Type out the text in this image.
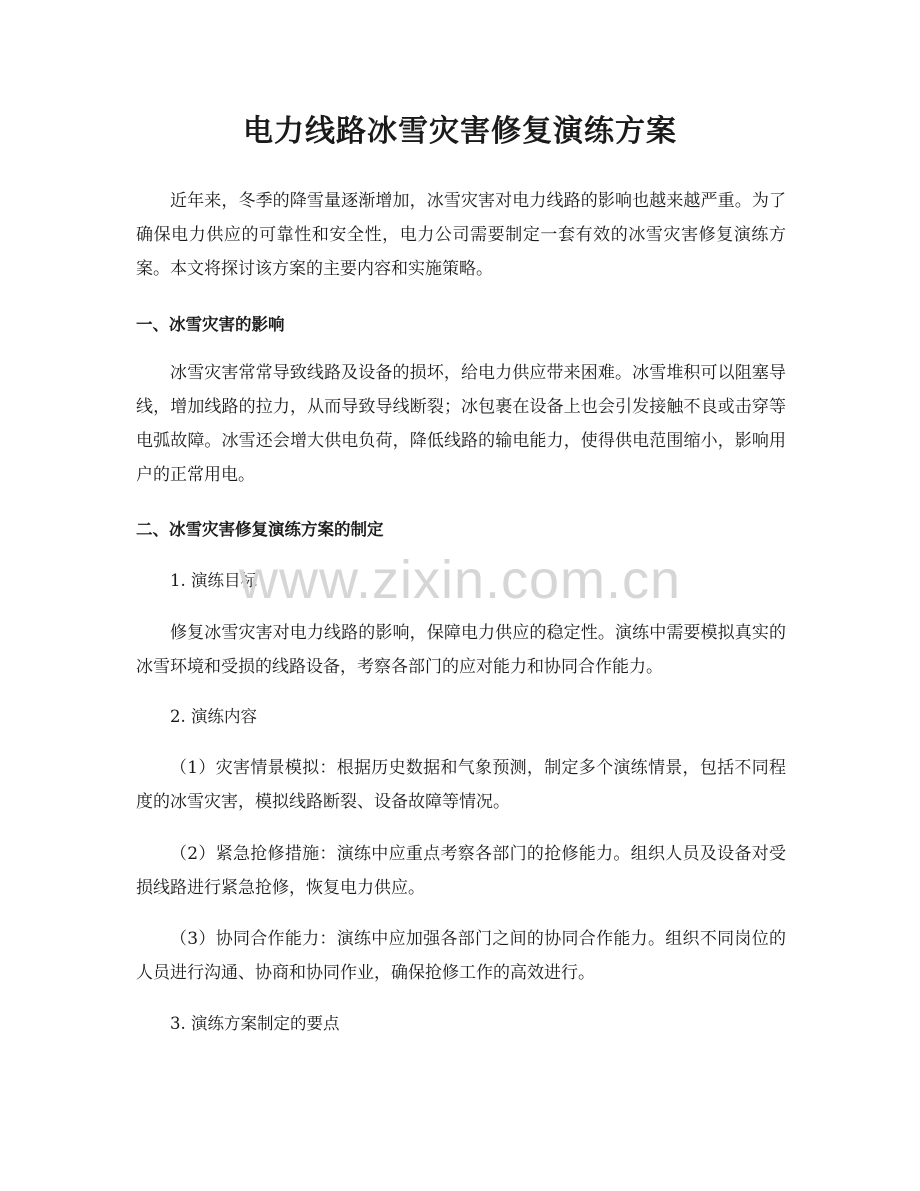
电力线路冰雪灾害修复演练方案

近年来，冬季的降雪量逐渐增加，冰雪灾害对电力线路的影响也越来越严重。为了确保电力供应的可靠性和安全性，电力公司需要制定一套有效的冰雪灾害修复演练方案。本文将探讨该方案的主要内容和实施策略。

一、冰雪灾害的影响

冰雪灾害常常导致线路及设备的损坏，给电力供应带来困难。冰雪堆积可以阻塞导线，增加线路的拉力，从而导致导线断裂；冰包裹在设备上也会引发接触不良或击穿等电弧故障。冰雪还会增大供电负荷，降低线路的输电能力，使得供电范围缩小，影响用户的正常用电。

二、冰雪灾害修复演练方案的制定

1. 演练目标

修复冰雪灾害对电力线路的影响，保障电力供应的稳定性。演练中需要模拟真实的冰雪环境和受损的线路设备，考察各部门的应对能力和协同合作能力。

2. 演练内容

（1）灾害情景模拟：根据历史数据和气象预测，制定多个演练情景，包括不同程度的冰雪灾害，模拟线路断裂、设备故障等情况。

（2）紧急抢修措施：演练中应重点考察各部门的抢修能力。组织人员及设备对受损线路进行紧急抢修，恢复电力供应。

（3）协同合作能力：演练中应加强各部门之间的协同合作能力。组织不同岗位的人员进行沟通、协商和协同作业，确保抢修工作的高效进行。

3. 演练方案制定的要点

www.zixin.com.cn
